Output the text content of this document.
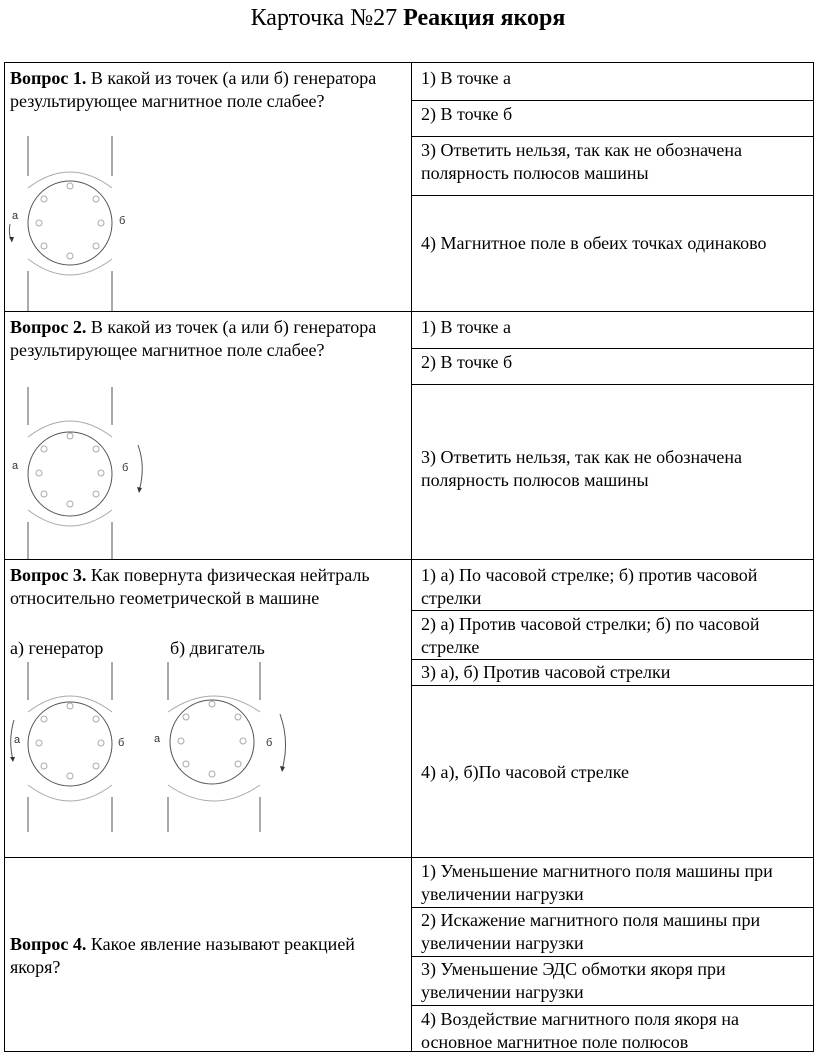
Карточка №27 Реакция якоря
Вопрос 1. В какой из точек (а или б) генератора результирующее магнитное поле слабее?
1) В точке а
2) В точке б
3) Ответить нельзя, так как не обозначена полярность полюсов машины
4) Магнитное поле в обеих точках одинаково
а	б
Вопрос 2. В какой из точек (а или б) генератора результирующее магнитное поле слабее?
1) В точке а
2) В точке б
3) Ответить нельзя, так как не обозначена полярность полюсов машины
а	б
Вопрос 3. Как повернута физическая нейтраль относительно геометрической в машине
а) генератор	б) двигатель
1) а) По часовой стрелке; б) против часовой стрелки
2) а) Против часовой стрелки; б) по часовой стрелке
3) а), б) Против часовой стрелки
4) а), б)По часовой стрелке
а	б	а	б
Вопрос 4. Какое явление называют реакцией якоря?
1) Уменьшение магнитного поля машины при увеличении нагрузки
2) Искажение магнитного поля машины при увеличении нагрузки
3) Уменьшение ЭДС обмотки якоря при увеличении нагрузки
4) Воздействие магнитного поля якоря на основное магнитное поле полюсов
